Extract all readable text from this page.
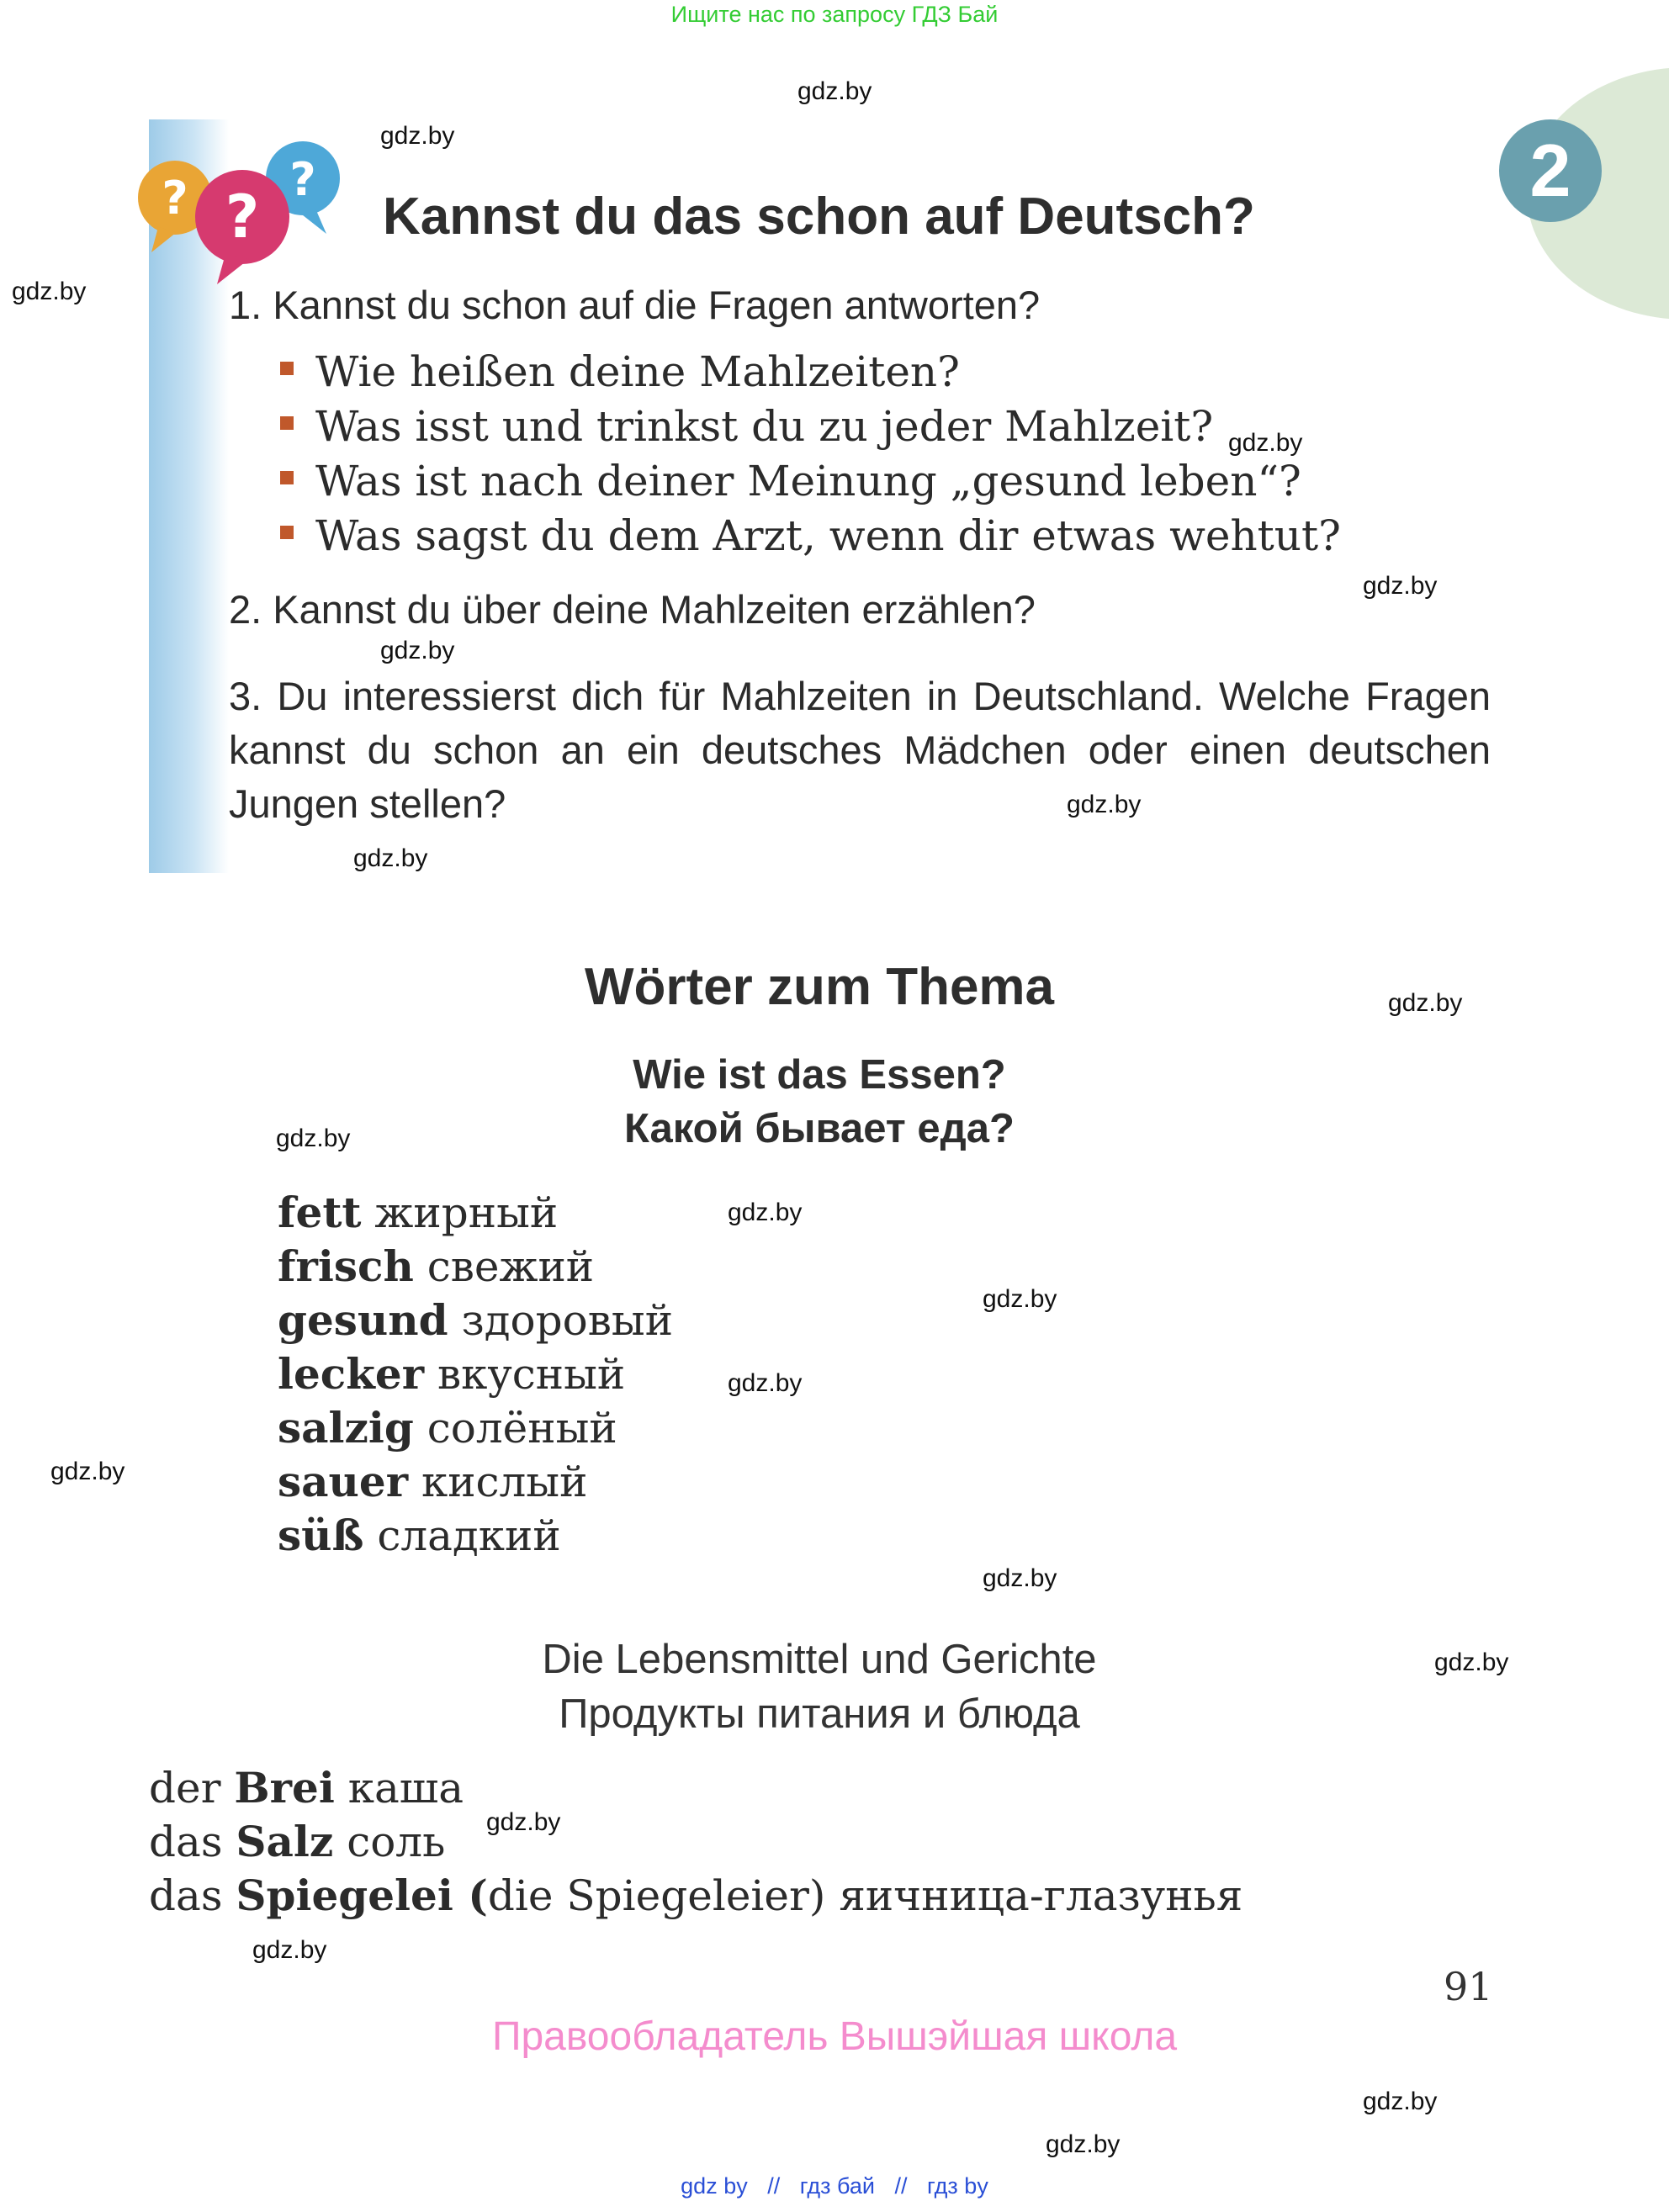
Ищите нас по запросу ГДЗ Бай
2
? ?
? Kannst du das schon auf Deutsch?
1. Kannst du schon auf die Fragen antworten?
Wie heißen deine Mahlzeiten?
Was isst und trinkst du zu jeder Mahlzeit?
Was ist nach deiner Meinung „gesund leben“?
Was sagst du dem Arzt, wenn dir etwas wehtut?
2. Kannst du über deine Mahlzeiten erzählen?
3. Du interessierst dich für Mahlzeiten in Deutschland. Welche Fragen kannst du schon an ein deutsches Mädchen oder einen deutschen Jungen stellen?
Wörter zum Thema
Wie ist das Essen?
Какой бывает еда?
fett жирный
frisch свежий
gesund здоровый
lecker вкусный
salzig солёный
sauer кислый
süß сладкий
Die Lebensmittel und Gerichte
Продукты питания и блюда
der Brei каша
das Salz соль
das Spiegelei (die Spiegeleier) яичница-глазунья
91
Правообладатель Вышэйшая школа
gdz.by
gdz.by
gdz.by
gdz.by
gdz.by
gdz.by
gdz.by
gdz.by
gdz.by
gdz.by
gdz.by
gdz.by
gdz.by
gdz.by
gdz.by
gdz.by
gdz.by
gdz.by
gdz.by
gdz.by
gdz by // гдз бай // гдз by
